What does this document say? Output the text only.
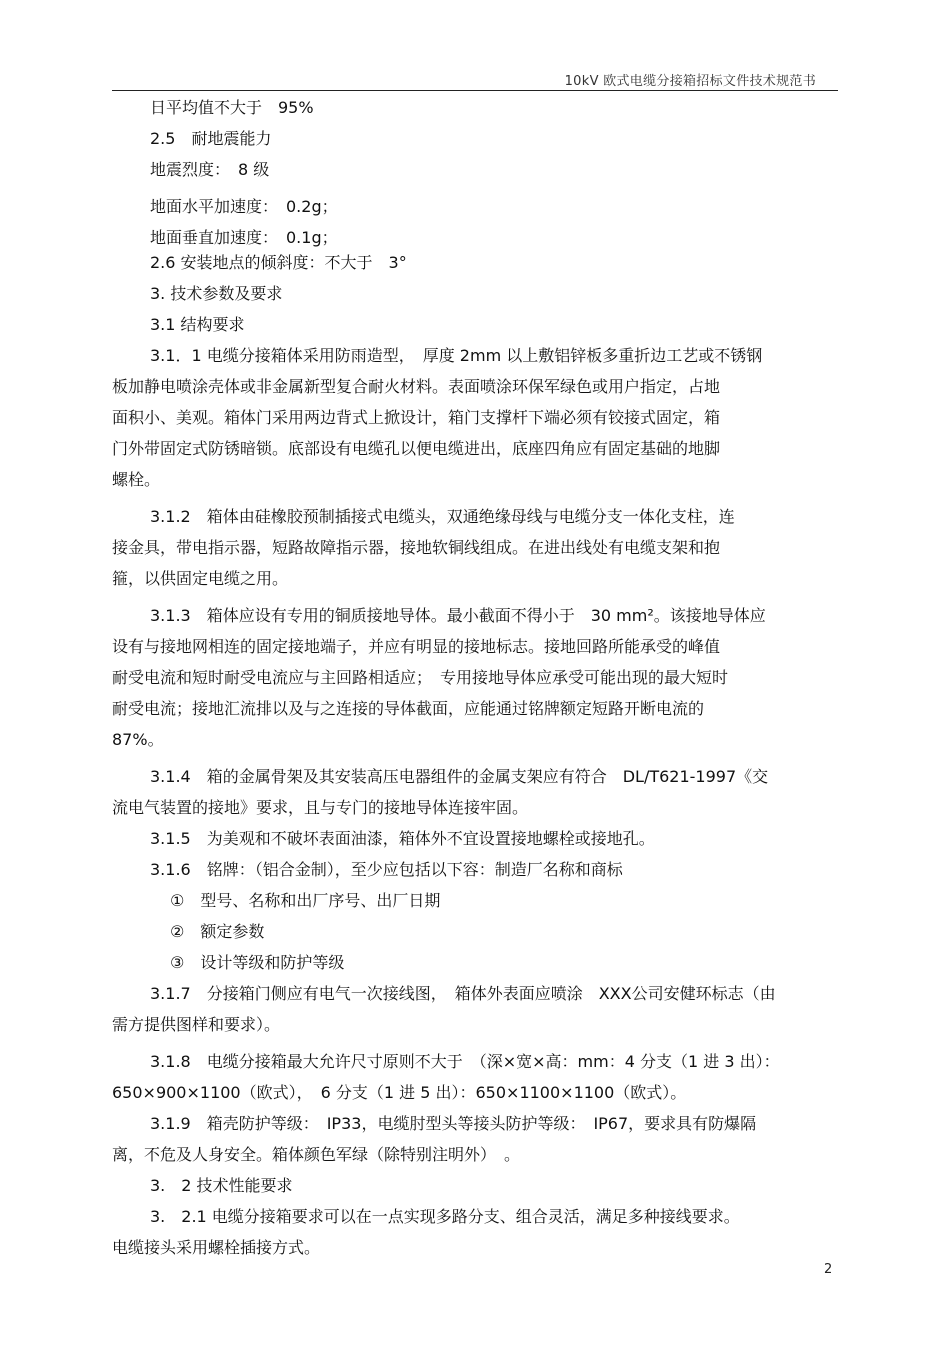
10kV 欧式电缆分接箱招标文件技术规范书
日平均值不大于　95%
2.5　耐地震能力
地震烈度：　8 级
地面水平加速度：　0.2g；
地面垂直加速度：　0.1g；
2.6 安装地点的倾斜度：不大于　3°
3. 技术参数及要求
3.1 结构要求
3.1．1 电缆分接箱体采用防雨造型，　厚度 2mm 以上敷铝锌板多重折边工艺或不锈钢
板加静电喷涂壳体或非金属新型复合耐火材料。表面喷涂环保军绿色或用户指定，占地
面积小、美观。箱体门采用两边背式上掀设计，箱门支撑杆下端必须有铰接式固定，箱
门外带固定式防锈暗锁。底部设有电缆孔以便电缆进出，底座四角应有固定基础的地脚
螺栓。
3.1.2　箱体由硅橡胶预制插接式电缆头，双通绝缘母线与电缆分支一体化支柱，连
接金具，带电指示器，短路故障指示器，接地软铜线组成。在进出线处有电缆支架和抱
箍，以供固定电缆之用。
3.1.3　箱体应设有专用的铜质接地导体。最小截面不得小于　30 mm²。该接地导体应
设有与接地网相连的固定接地端子，并应有明显的接地标志。接地回路所能承受的峰值
耐受电流和短时耐受电流应与主回路相适应；　专用接地导体应承受可能出现的最大短时
耐受电流；接地汇流排以及与之连接的导体截面，应能通过铭牌额定短路开断电流的
87%。
3.1.4　箱的金属骨架及其安装高压电器组件的金属支架应有符合　DL/T621-1997《交
流电气装置的接地》要求，且与专门的接地导体连接牢固。
3.1.5　为美观和不破坏表面油漆，箱体外不宜设置接地螺栓或接地孔。
3.1.6　铭牌：（铝合金制），至少应包括以下容：制造厂名称和商标
①　型号、名称和出厂序号、出厂日期
②　额定参数
③　设计等级和防护等级
3.1.7　分接箱门侧应有电气一次接线图，　箱体外表面应喷涂　XXX公司安健环标志（由
需方提供图样和要求）。
3.1.8　电缆分接箱最大允许尺寸原则不大于　（深×宽×高：mm：4 分支（1 进 3 出）：
650×900×1100（欧式），　6 分支（1 进 5 出）：650×1100×1100（欧式）。
3.1.9　箱壳防护等级：　IP33，电缆肘型头等接头防护等级：　IP67，要求具有防爆隔
离，不危及人身安全。箱体颜色军绿（除特别注明外）　。
3.　2 技术性能要求
3.　2.1 电缆分接箱要求可以在一点实现多路分支、组合灵活，满足多种接线要求。
电缆接头采用螺栓插接方式。
2
